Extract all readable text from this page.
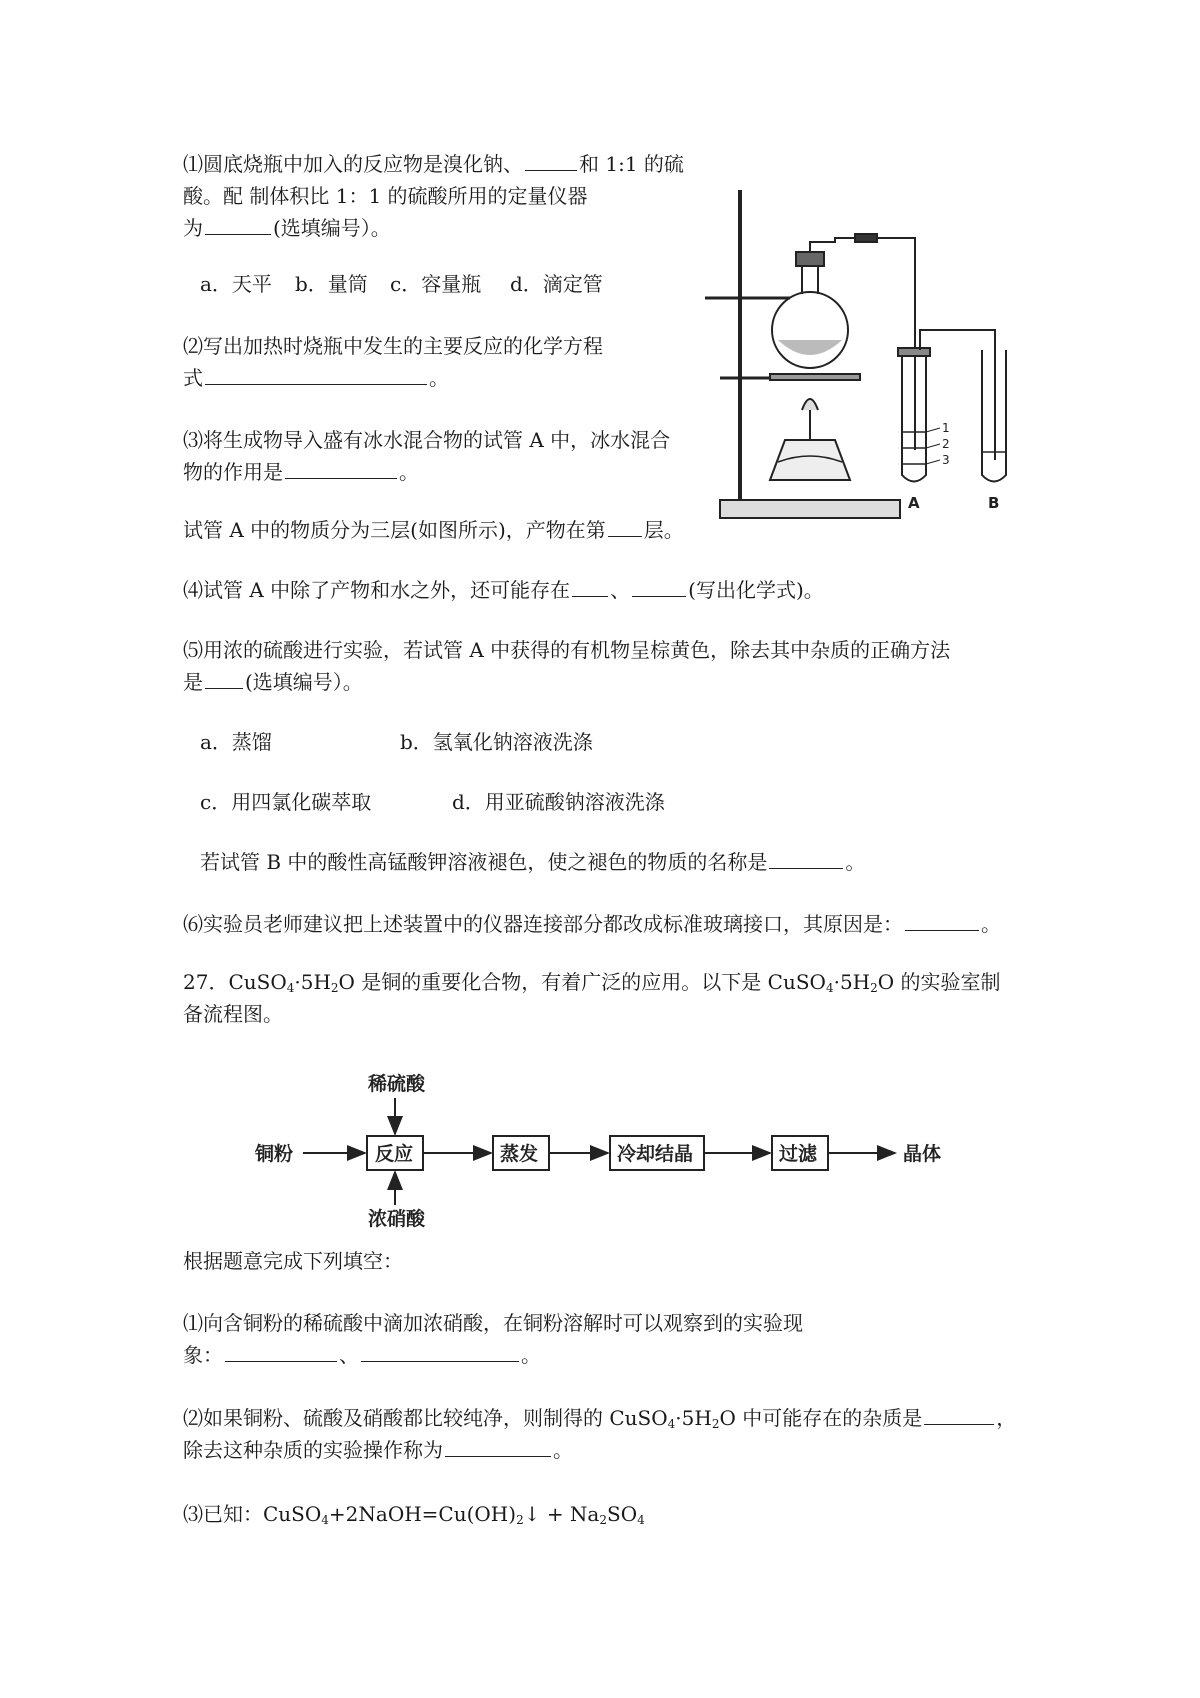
⑴圆底烧瓶中加入的反应物是溴化钠、	和 1:1 的硫
酸。配 制体积比 1：1 的硫酸所用的定量仪器
为	(选填编号）。
a．天平 b．量筒 c．容量瓶 d．滴定管
⑵写出加热时烧瓶中发生的主要反应的化学方程
式	。
⑶将生成物导入盛有冰水混合物的试管 A 中，冰水混合
物的作用是	。
试管 A 中的物质分为三层(如图所示)，产物在第 层。
⑷试管 A 中除了产物和水之外，还可能存在 、	(写出化学式)。
⑸用浓的硫酸进行实验，若试管 A 中获得的有机物呈棕黄色，除去其中杂质的正确方法
是 (选填编号）。
a．蒸馏	b．氢氧化钠溶液洗涤
c．用四氯化碳萃取	d．用亚硫酸钠溶液洗涤
若试管 B 中的酸性高锰酸钾溶液褪色，使之褪色的物质的名称是	。
⑹实验员老师建议把上述装置中的仪器连接部分都改成标准玻璃接口，其原因是：	。
1
2
3
A	B
27．$CuSO_4\cdot 5H_2O$ 是铜的重要化合物，有着广泛的应用。以下是 $CuSO_4\cdot 5H_2O$ 的实验室制
备流程图。
铜粉
稀硫酸
浓硝酸
反应	蒸发	冷却结晶	过滤	晶体
根据题意完成下列填空：
⑴向含铜粉的稀硫酸中滴加浓硝酸，在铜粉溶解时可以观察到的实验现
象：	、	。
⑵如果铜粉、硫酸及硝酸都比较纯净，则制得的 $CuSO_4\cdot 5H_2O$ 中可能存在的杂质是	，
除去这种杂质的实验操作称为	。
⑶已知：$CuSO_4+2NaOH=Cu(OH)_2↓ + Na_2SO_4$
